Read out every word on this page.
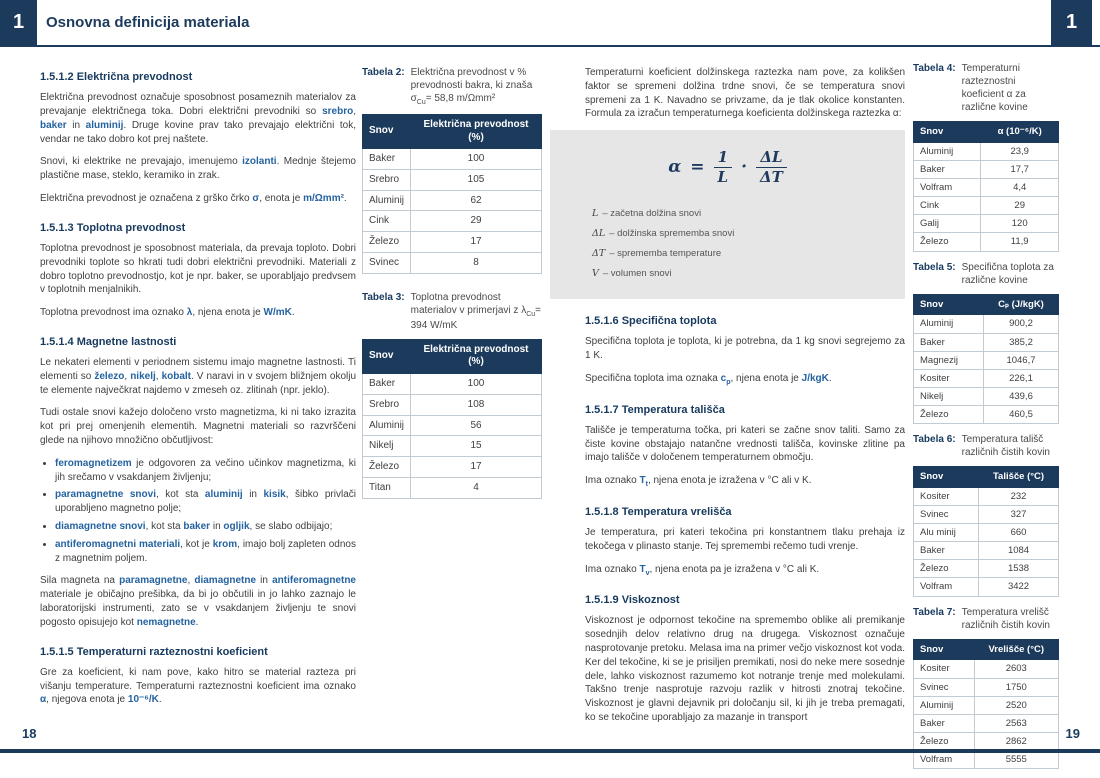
1	Osnovna definicija materiala	1
1.5.1.2 Električna prevodnost

Električna prevodnost označuje sposobnost posameznih materialov za prevajanje električnega toka. Dobri električni prevodniki so srebro, baker in aluminij. Druge kovine prav tako prevajajo električni tok, vendar ne tako dobro kot prej naštete.

Snovi, ki elektrike ne prevajajo, imenujemo izolanti. Mednje štejemo plastične mase, steklo, keramiko in zrak.

Električna prevodnost je označena z grško črko σ, enota je m/Ωmm².

1.5.1.3 Toplotna prevodnost

Toplotna prevodnost je sposobnost materiala, da prevaja toploto. Dobri prevodniki toplote so hkrati tudi dobri električni prevodniki. Materiali z dobro toplotno prevodnostjo, kot je npr. baker, se uporabljajo predvsem v toplotnih menjalnikih.

Toplotna prevodnost ima oznako λ, njena enota je W/mK.

1.5.1.4 Magnetne lastnosti

Le nekateri elementi v periodnem sistemu imajo magnetne lastnosti. Ti elementi so železo, nikelj, kobalt. V naravi in v svojem bližnjem okolju te elemente največkrat najdemo v zmeseh oz. zlitinah (npr. jeklo).

Tudi ostale snovi kažejo določeno vrsto magnetizma, ki ni tako izrazita kot pri prej omenjenih elementih. Magnetni materiali so razvrščeni glede na njihovo množično občutljivost:

• feromagnetizem je odgovoren za večino učinkov magnetizma, ki jih srečamo v vsakdanjem življenju;
• paramagnetne snovi, kot sta aluminij in kisik, šibko privlači uporabljeno magnetno polje;
• diamagnetne snovi, kot sta baker in ogljik, se slabo odbijajo;
• antiferomagnetni materiali, kot je krom, imajo bolj zapleten odnos z magnetnim poljem.

Sila magneta na paramagnetne, diamagnetne in antiferomagnetne materiale je običajno prešibka, da bi jo občutili in jo lahko zaznajo le laboratorijski instrumenti, zato se v vsakdanjem življenju te snovi pogosto opisujejo kot nemagnetne.

1.5.1.5 Temperaturni razteznostni koeficient

Gre za koeficient, ki nam pove, kako hitro se material razteza pri višanju temperature. Temperaturni razteznostni koeficient ima oznako α, njegova enota je 10⁻⁶/K.

Tabela 2: Električna prevodnost v % prevodnosti bakra, ki znaša $\sigma_{Cu}= 58,8$ m/Ωmm²
Snov	Električna prevodnost (%)
Baker	100
Srebro	105
Aluminij	62
Cink	29
Železo	17
Svinec	8
Tabela 3: Toplotna prevodnost materialov v primerjavi z $\lambda_{Cu}= 394$ W/mK
Snov	Električna prevodnost (%)
Baker	100
Srebro	108
Aluminij	56
Nikelj	15
Železo	17
Titan	4

Temperaturni koeficient dolžinskega raztezka nam pove, za kolikšen faktor se spremeni dolžina trdne snovi, če se temperatura snovi spremeni za 1 K. Navadno se privzame, da je tlak okolice konstanten. Formula za izračun temperaturnega koeficienta dolžinskega raztezka α:

$\alpha = \frac{1}{L} \cdot \frac{\Delta L}{\Delta T}$
L – začetna dolžina snovi
ΔL – dolžinska sprememba snovi
ΔT – sprememba temperature
V – volumen snovi
1.5.1.6 Specifična toplota

Specifična toplota je toplota, ki je potrebna, da 1 kg snovi segrejemo za 1 K.

Specifična toplota ima oznaka $c_p$, njena enota je J/kgK.

1.5.1.7 Temperatura tališča

Tališče je temperaturna točka, pri kateri se začne snov taliti. Samo za čiste kovine obstajajo natančne vrednosti tališča, kovinske zlitine pa imajo tališče v določenem temperaturnem območju.

Ima oznako $T_t$, njena enota je izražena v °C ali v K.

1.5.1.8 Temperatura vrelišča

Je temperatura, pri kateri tekočina pri konstantnem tlaku prehaja iz tekočega v plinasto stanje. Tej spremembi rečemo tudi vrenje.

Ima oznako $T_v$, njena enota pa je izražena v °C ali K.

1.5.1.9 Viskoznost

Viskoznost je odpornost tekočine na spremembo oblike ali premikanje sosednjih delov relativno drug na drugega. Viskoznost označuje nasprotovanje pretoku. Melasa ima na primer večjo viskoznost kot voda. Ker del tekočine, ki se je prisiljen premikati, nosi do neke mere sosednje dele, lahko viskoznost razumemo kot notranje trenje med molekulami. Takšno trenje nasprotuje razvoju razlik v hitrosti znotraj tekočine. Viskoznost je glavni dejavnik pri določanju sil, ki jih je treba premagati, ko se tekočine uporabljajo za mazanje in transport

Tabela 4: Temperaturni razteznostni koeficient α za različne kovine
Snov	α (10⁻⁶/K)
Aluminij	23,9
Baker	17,7
Volfram	4,4
Cink	29
Galij	120
Železo	11,9
Tabela 5: Specifična toplota za različne kovine
Snov	Cₚ (J/kgK)
Aluminij	900,2
Baker	385,2
Magnezij	1046,7
Kositer	226,1
Nikelj	439,6
Železo	460,5
Tabela 6: Temperatura tališč različnih čistih kovin
Snov	Tališče (°C)
Kositer	232
Svinec	327
Alu minij	660
Baker	1084
Železo	1538
Volfram	3422
Tabela 7: Temperatura vrelišč različnih čistih kovin
Snov	Vrelišče (°C)
Kositer	2603
Svinec	1750
Aluminij	2520
Baker	2563
Železo	2862
Volfram	5555
18	19
